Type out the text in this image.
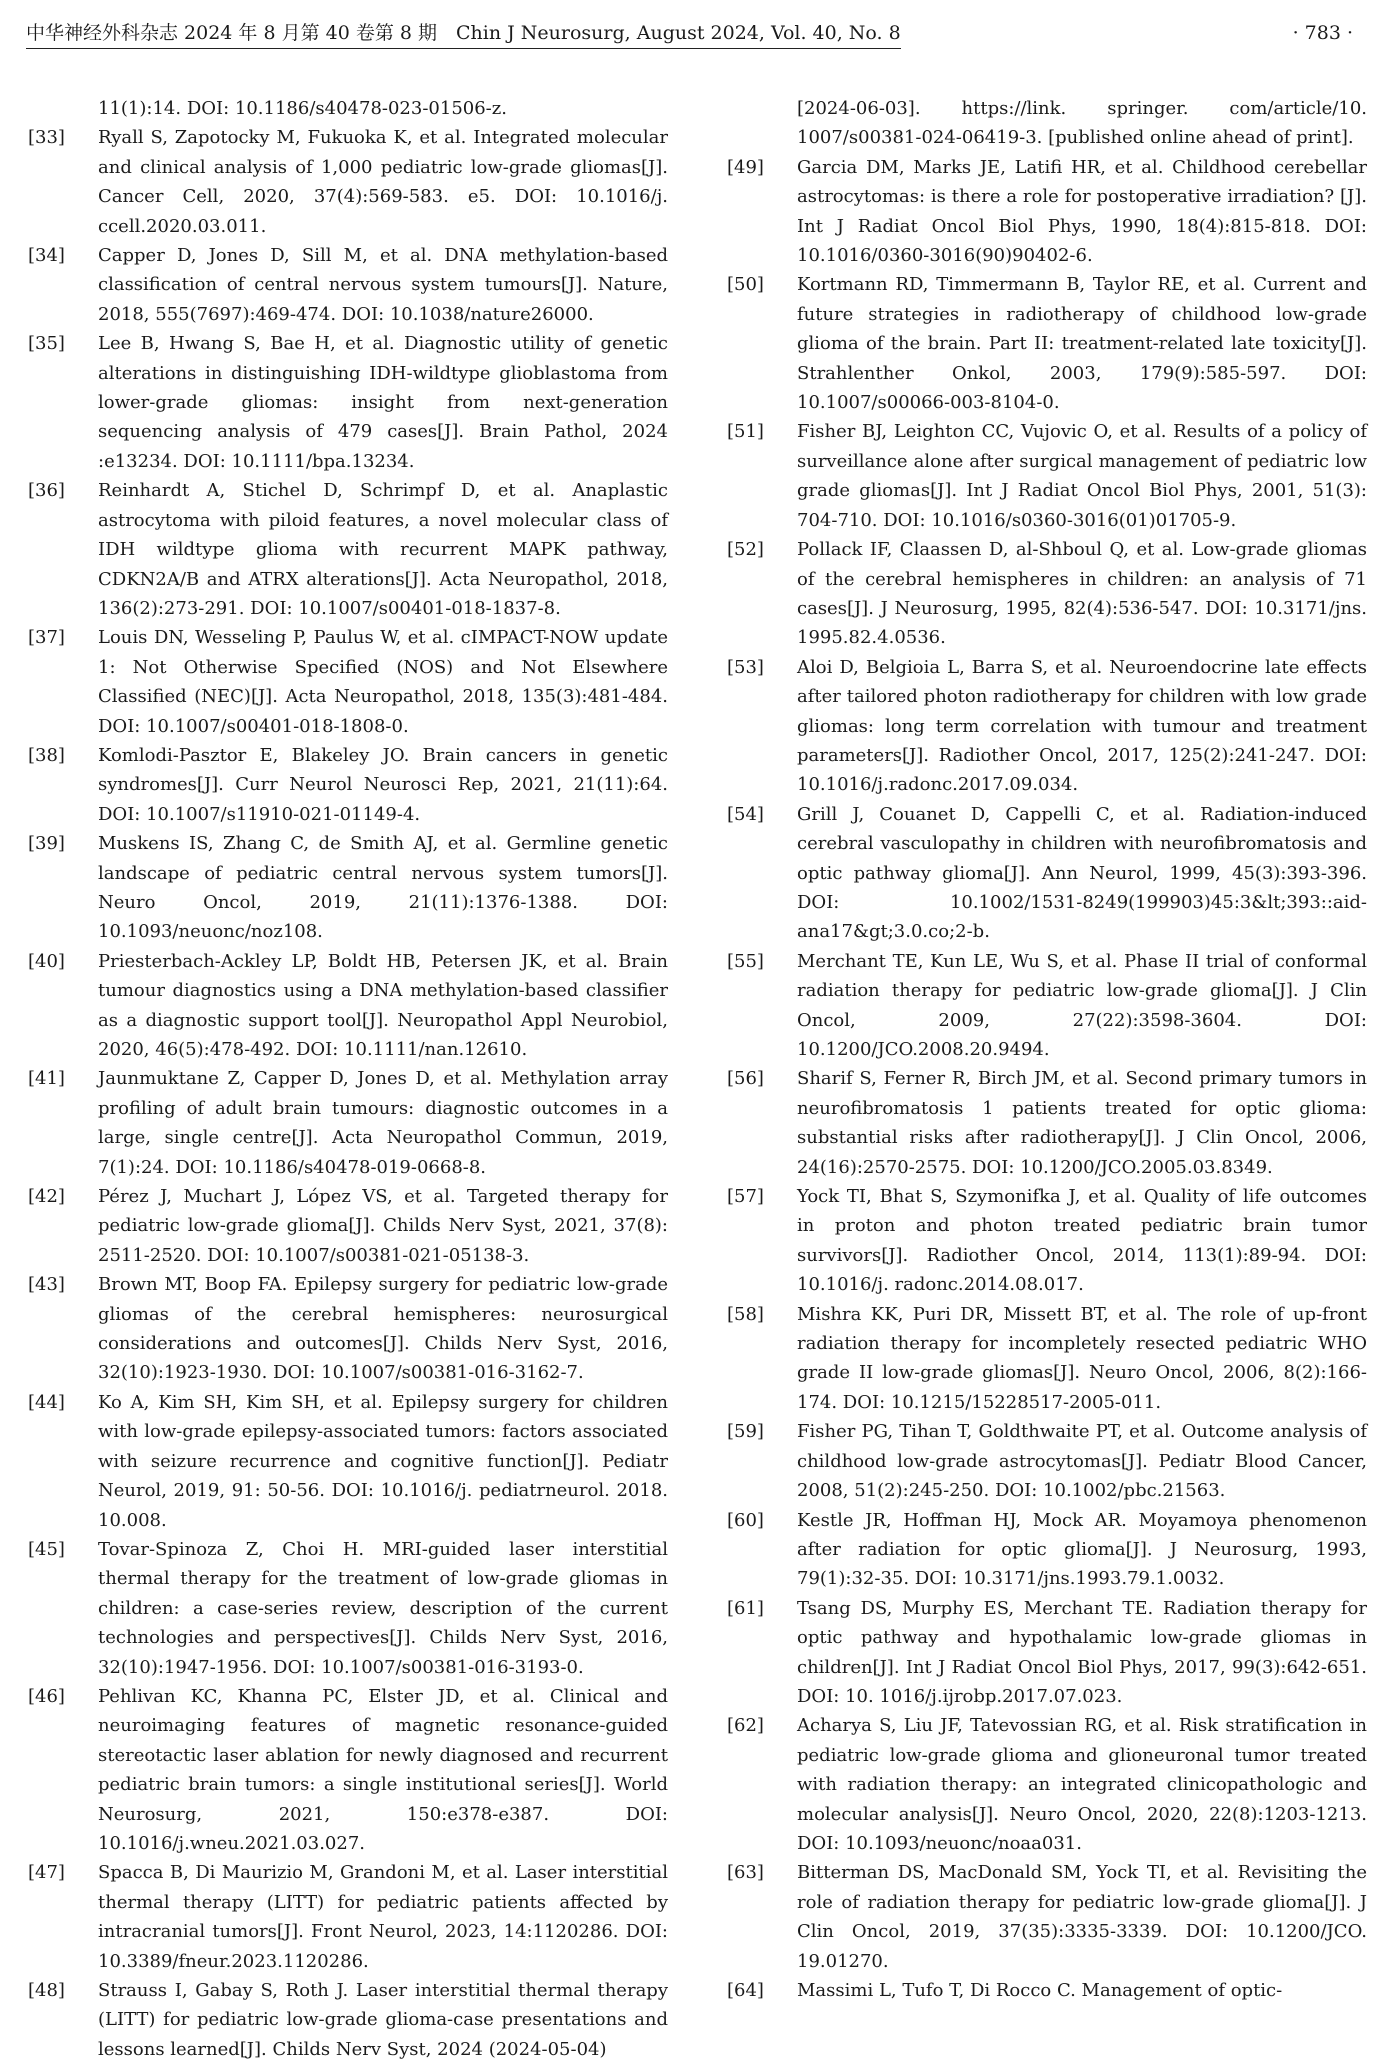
中华神经外科杂志 2024 年 8 月第 40 卷第 8 期　Chin J Neurosurg, August 2024, Vol. 40, No. 8	· 783 ·

11(1):14. DOI: 10.1186/s40478-023-01506-z.

[33]	Ryall S, Zapotocky M, Fukuoka K, et al. Integrated molecular and clinical analysis of 1,000 pediatric low-grade gliomas[J]. Cancer Cell, 2020, 37(4):569-583. e5. DOI: 10.1016/j. ccell.2020.03.011.

[34]	Capper D, Jones D, Sill M, et al. DNA methylation-based classification of central nervous system tumours[J]. Nature, 2018, 555(7697):469-474. DOI: 10.1038/nature26000.

[35]	Lee B, Hwang S, Bae H, et al. Diagnostic utility of genetic alterations in distinguishing IDH-wildtype glioblastoma from lower-grade gliomas: insight from next-generation sequencing analysis of 479 cases[J]. Brain Pathol, 2024 :e13234. DOI: 10.1111/bpa.13234.

[36]	Reinhardt A, Stichel D, Schrimpf D, et al. Anaplastic astrocytoma with piloid features, a novel molecular class of IDH wildtype glioma with recurrent MAPK pathway, CDKN2A/B and ATRX alterations[J]. Acta Neuropathol, 2018, 136(2):273-291. DOI: 10.1007/s00401-018-1837-8.

[37]	Louis DN, Wesseling P, Paulus W, et al. cIMPACT-NOW update 1: Not Otherwise Specified (NOS) and Not Elsewhere Classified (NEC)[J]. Acta Neuropathol, 2018, 135(3):481-484. DOI: 10.1007/s00401-018-1808-0.

[38]	Komlodi-Pasztor E, Blakeley JO. Brain cancers in genetic syndromes[J]. Curr Neurol Neurosci Rep, 2021, 21(11):64. DOI: 10.1007/s11910-021-01149-4.

[39]	Muskens IS, Zhang C, de Smith AJ, et al. Germline genetic landscape of pediatric central nervous system tumors[J]. Neuro Oncol, 2019, 21(11):1376-1388. DOI: 10.1093/neuonc/noz108.

[40]	Priesterbach-Ackley LP, Boldt HB, Petersen JK, et al. Brain tumour diagnostics using a DNA methylation-based classifier as a diagnostic support tool[J]. Neuropathol Appl Neurobiol, 2020, 46(5):478-492. DOI: 10.1111/nan.12610.

[41]	Jaunmuktane Z, Capper D, Jones D, et al. Methylation array profiling of adult brain tumours: diagnostic outcomes in a large, single centre[J]. Acta Neuropathol Commun, 2019, 7(1):24. DOI: 10.1186/s40478-019-0668-8.

[42]	Pérez J, Muchart J, López VS, et al. Targeted therapy for pediatric low-grade glioma[J]. Childs Nerv Syst, 2021, 37(8): 2511-2520. DOI: 10.1007/s00381-021-05138-3.

[43]	Brown MT, Boop FA. Epilepsy surgery for pediatric low-grade gliomas of the cerebral hemispheres: neurosurgical considerations and outcomes[J]. Childs Nerv Syst, 2016, 32(10):1923-1930. DOI: 10.1007/s00381-016-3162-7.

[44]	Ko A, Kim SH, Kim SH, et al. Epilepsy surgery for children with low-grade epilepsy-associated tumors: factors associated with seizure recurrence and cognitive function[J]. Pediatr Neurol, 2019, 91: 50-56. DOI: 10.1016/j. pediatrneurol. 2018. 10.008.

[45]	Tovar-Spinoza Z, Choi H. MRI-guided laser interstitial thermal therapy for the treatment of low-grade gliomas in children: a case-series review, description of the current technologies and perspectives[J]. Childs Nerv Syst, 2016, 32(10):1947-1956. DOI: 10.1007/s00381-016-3193-0.

[46]	Pehlivan KC, Khanna PC, Elster JD, et al. Clinical and neuroimaging features of magnetic resonance-guided stereotactic laser ablation for newly diagnosed and recurrent pediatric brain tumors: a single institutional series[J]. World Neurosurg, 2021, 150:e378-e387. DOI: 10.1016/j.wneu.2021.03.027.

[47]	Spacca B, Di Maurizio M, Grandoni M, et al. Laser interstitial thermal therapy (LITT) for pediatric patients affected by intracranial tumors[J]. Front Neurol, 2023, 14:1120286. DOI: 10.3389/fneur.2023.1120286.

[48]	Strauss I, Gabay S, Roth J. Laser interstitial thermal therapy (LITT) for pediatric low-grade glioma-case presentations and lessons learned[J]. Childs Nerv Syst, 2024 (2024-05-04)

[2024-06-03]. https://link. springer. com/article/10. 1007/s00381-024-06419-3. [published online ahead of print].

[49]	Garcia DM, Marks JE, Latifi HR, et al. Childhood cerebellar astrocytomas: is there a role for postoperative irradiation? [J]. Int J Radiat Oncol Biol Phys, 1990, 18(4):815-818. DOI: 10.1016/0360-3016(90)90402-6.

[50]	Kortmann RD, Timmermann B, Taylor RE, et al. Current and future strategies in radiotherapy of childhood low-grade glioma of the brain. Part II: treatment-related late toxicity[J]. Strahlenther Onkol, 2003, 179(9):585-597. DOI: 10.1007/s00066-003-8104-0.

[51]	Fisher BJ, Leighton CC, Vujovic O, et al. Results of a policy of surveillance alone after surgical management of pediatric low grade gliomas[J]. Int J Radiat Oncol Biol Phys, 2001, 51(3): 704-710. DOI: 10.1016/s0360-3016(01)01705-9.

[52]	Pollack IF, Claassen D, al-Shboul Q, et al. Low-grade gliomas of the cerebral hemispheres in children: an analysis of 71 cases[J]. J Neurosurg, 1995, 82(4):536-547. DOI: 10.3171/jns. 1995.82.4.0536.

[53]	Aloi D, Belgioia L, Barra S, et al. Neuroendocrine late effects after tailored photon radiotherapy for children with low grade gliomas: long term correlation with tumour and treatment parameters[J]. Radiother Oncol, 2017, 125(2):241-247. DOI: 10.1016/j.radonc.2017.09.034.

[54]	Grill J, Couanet D, Cappelli C, et al. Radiation-induced cerebral vasculopathy in children with neurofibromatosis and optic pathway glioma[J]. Ann Neurol, 1999, 45(3):393-396. DOI: 10.1002/1531-8249(199903)45:3&lt;393::aid-ana17&gt;3.0.co;2-b.

[55]	Merchant TE, Kun LE, Wu S, et al. Phase II trial of conformal radiation therapy for pediatric low-grade glioma[J]. J Clin Oncol, 2009, 27(22):3598-3604. DOI: 10.1200/JCO.2008.20.9494.

[56]	Sharif S, Ferner R, Birch JM, et al. Second primary tumors in neurofibromatosis 1 patients treated for optic glioma: substantial risks after radiotherapy[J]. J Clin Oncol, 2006, 24(16):2570-2575. DOI: 10.1200/JCO.2005.03.8349.

[57]	Yock TI, Bhat S, Szymonifka J, et al. Quality of life outcomes in proton and photon treated pediatric brain tumor survivors[J]. Radiother Oncol, 2014, 113(1):89-94. DOI: 10.1016/j. radonc.2014.08.017.

[58]	Mishra KK, Puri DR, Missett BT, et al. The role of up-front radiation therapy for incompletely resected pediatric WHO grade II low-grade gliomas[J]. Neuro Oncol, 2006, 8(2):166-174. DOI: 10.1215/15228517-2005-011.

[59]	Fisher PG, Tihan T, Goldthwaite PT, et al. Outcome analysis of childhood low-grade astrocytomas[J]. Pediatr Blood Cancer, 2008, 51(2):245-250. DOI: 10.1002/pbc.21563.

[60]	Kestle JR, Hoffman HJ, Mock AR. Moyamoya phenomenon after radiation for optic glioma[J]. J Neurosurg, 1993, 79(1):32-35. DOI: 10.3171/jns.1993.79.1.0032.

[61]	Tsang DS, Murphy ES, Merchant TE. Radiation therapy for optic pathway and hypothalamic low-grade gliomas in children[J]. Int J Radiat Oncol Biol Phys, 2017, 99(3):642-651. DOI: 10. 1016/j.ijrobp.2017.07.023.

[62]	Acharya S, Liu JF, Tatevossian RG, et al. Risk stratification in pediatric low-grade glioma and glioneuronal tumor treated with radiation therapy: an integrated clinicopathologic and molecular analysis[J]. Neuro Oncol, 2020, 22(8):1203-1213. DOI: 10.1093/neuonc/noaa031.

[63]	Bitterman DS, MacDonald SM, Yock TI, et al. Revisiting the role of radiation therapy for pediatric low-grade glioma[J]. J Clin Oncol, 2019, 37(35):3335-3339. DOI: 10.1200/JCO. 19.01270.

[64]	Massimi L, Tufo T, Di Rocco C. Management of optic-
